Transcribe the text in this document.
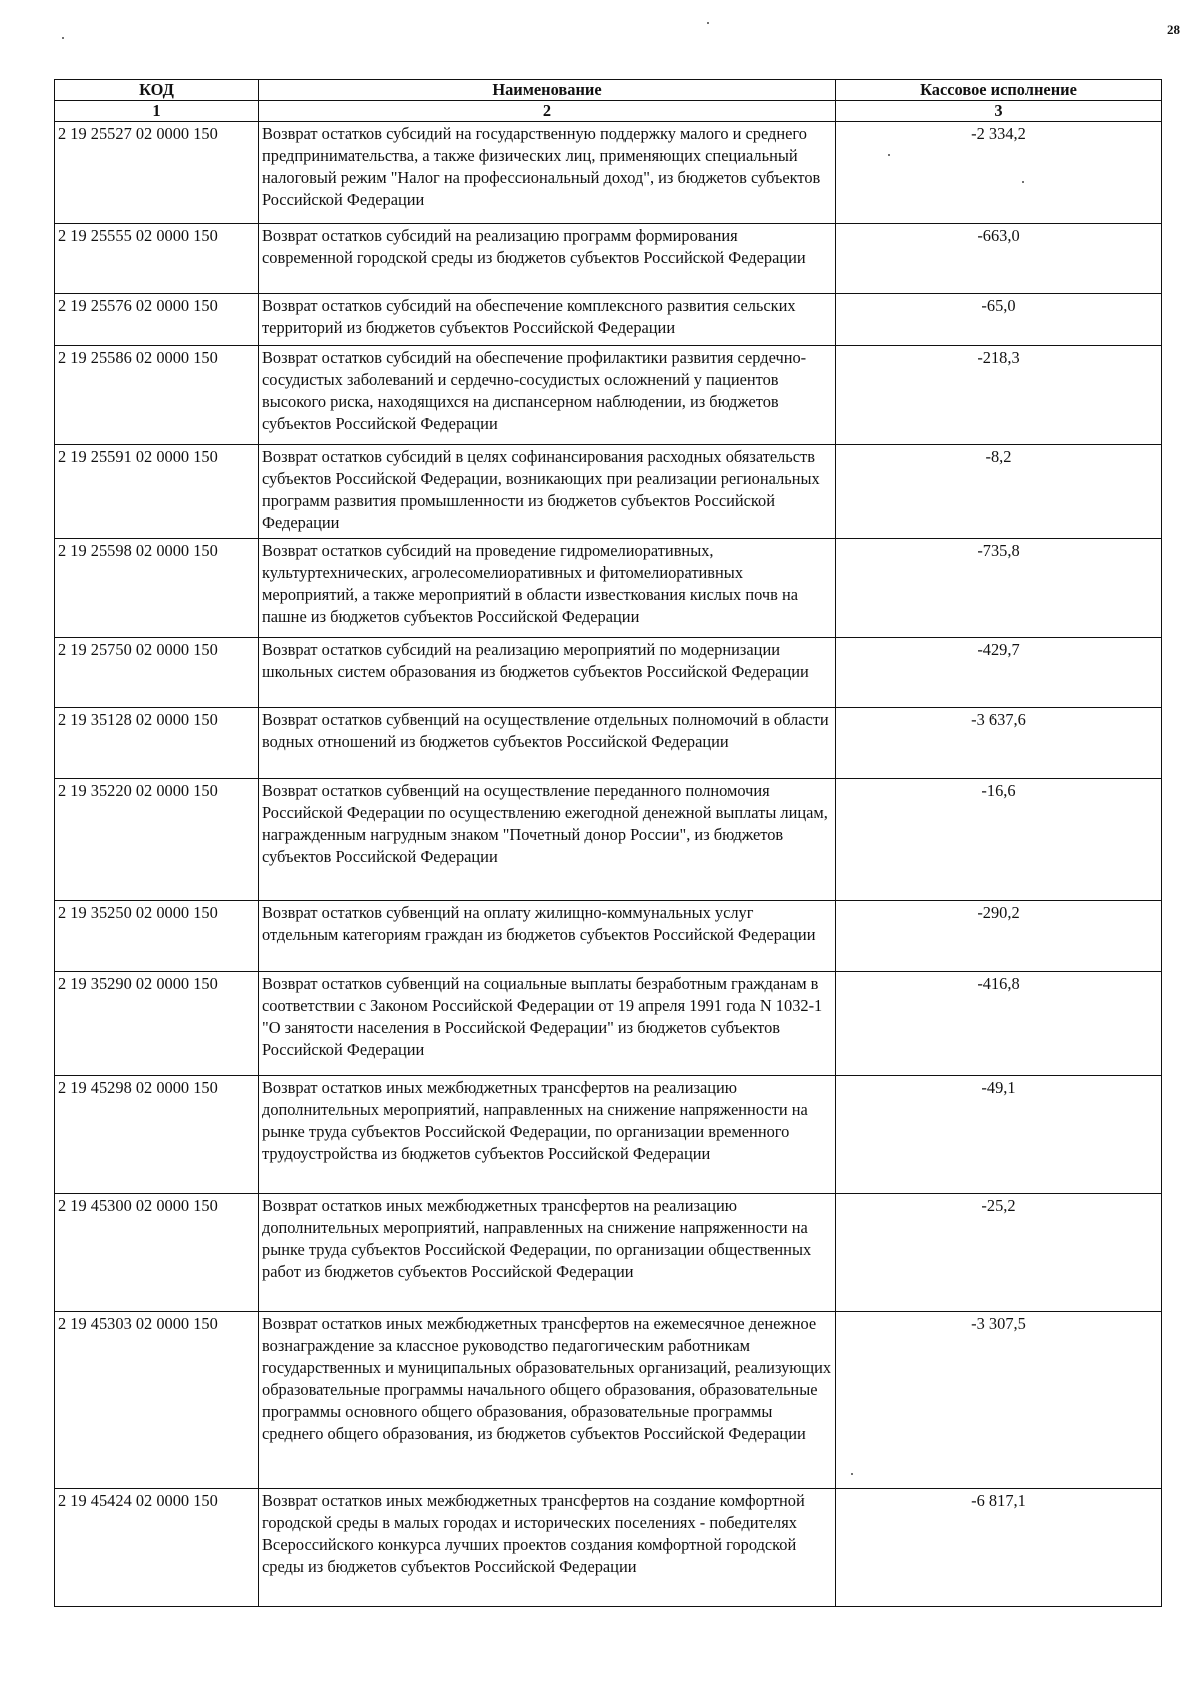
28
КОД	Наименование	Кассовое исполнение
1	2	3
2 19 25527 02 0000 150	Возврат остатков субсидий на государственную поддержку малого и среднего предпринимательства, а также физических лиц, применяющих специальный налоговый режим "Налог на профессиональный доход", из бюджетов субъектов Российской Федерации	-2 334,2
2 19 25555 02 0000 150	Возврат остатков субсидий на реализацию программ формирования современной городской среды из бюджетов субъектов Российской Федерации	-663,0
2 19 25576 02 0000 150	Возврат остатков субсидий на обеспечение комплексного развития сельских территорий из бюджетов субъектов Российской Федерации	-65,0
2 19 25586 02 0000 150	Возврат остатков субсидий на обеспечение профилактики развития сердечно-сосудистых заболеваний и сердечно-сосудистых осложнений у пациентов высокого риска, находящихся на диспансерном наблюдении, из бюджетов субъектов Российской Федерации	-218,3
2 19 25591 02 0000 150	Возврат остатков субсидий в целях софинансирования расходных обязательств субъектов Российской Федерации, возникающих при реализации региональных программ развития промышленности из бюджетов субъектов Российской Федерации	-8,2
2 19 25598 02 0000 150	Возврат остатков субсидий на проведение гидромелиоративных, культуртехнических, агролесомелиоративных и фитомелиоративных мероприятий, а также мероприятий в области известкования кислых почв на пашне из бюджетов субъектов Российской Федерации	-735,8
2 19 25750 02 0000 150	Возврат остатков субсидий на реализацию мероприятий по модернизации школьных систем образования из бюджетов субъектов Российской Федерации	-429,7
2 19 35128 02 0000 150	Возврат остатков субвенций на осуществление отдельных полномочий в области водных отношений из бюджетов субъектов Российской Федерации	-3 637,6
2 19 35220 02 0000 150	Возврат остатков субвенций на осуществление переданного полномочия Российской Федерации по осуществлению ежегодной денежной выплаты лицам, награжденным нагрудным знаком "Почетный донор России", из бюджетов субъектов Российской Федерации	-16,6
2 19 35250 02 0000 150	Возврат остатков субвенций на оплату жилищно-коммунальных услуг отдельным категориям граждан из бюджетов субъектов Российской Федерации	-290,2
2 19 35290 02 0000 150	Возврат остатков субвенций на социальные выплаты безработным гражданам в соответствии с Законом Российской Федерации от 19 апреля 1991 года N 1032-1 "О занятости населения в Российской Федерации" из бюджетов субъектов Российской Федерации	-416,8
2 19 45298 02 0000 150	Возврат остатков иных межбюджетных трансфертов на реализацию дополнительных мероприятий, направленных на снижение напряженности на рынке труда субъектов Российской Федерации, по организации временного трудоустройства из бюджетов субъектов Российской Федерации	-49,1
2 19 45300 02 0000 150	Возврат остатков иных межбюджетных трансфертов на реализацию дополнительных мероприятий, направленных на снижение напряженности на рынке труда субъектов Российской Федерации, по организации общественных работ из бюджетов субъектов Российской Федерации	-25,2
2 19 45303 02 0000 150	Возврат остатков иных межбюджетных трансфертов на ежемесячное денежное вознаграждение за классное руководство педагогическим работникам государственных и муниципальных образовательных организаций, реализующих образовательные программы начального общего образования, образовательные программы основного общего образования, образовательные программы среднего общего образования, из бюджетов субъектов Российской Федерации	-3 307,5
2 19 45424 02 0000 150	Возврат остатков иных межбюджетных трансфертов на создание комфортной городской среды в малых городах и исторических поселениях - победителях Всероссийского конкурса лучших проектов создания комфортной городской среды из бюджетов субъектов Российской Федерации	-6 817,1
